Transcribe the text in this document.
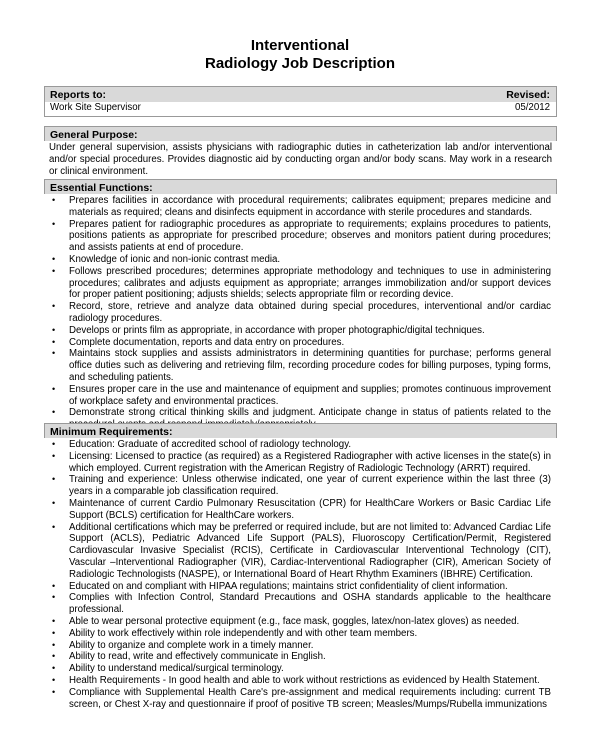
Interventional
Radiology Job Description
Reports to:	Revised:
Work Site Supervisor	05/2012
General Purpose:
Under general supervision, assists physicians with radiographic duties in catheterization lab and/or interventional and/or special procedures. Provides diagnostic aid by conducting organ and/or body scans. May work in a research or clinical environment.
Essential Functions:
• Prepares facilities in accordance with procedural requirements; calibrates equipment; prepares medicine and materials as required; cleans and disinfects equipment in accordance with sterile procedures and standards.
• Prepares patient for radiographic procedures as appropriate to requirements; explains procedures to patients, positions patients as appropriate for prescribed procedure; observes and monitors patient during procedures; and assists patients at end of procedure.
• Knowledge of ionic and non-ionic contrast media.
• Follows prescribed procedures; determines appropriate methodology and techniques to use in administering procedures; calibrates and adjusts equipment as appropriate; arranges immobilization and/or support devices for proper patient positioning; adjusts shields; selects appropriate film or recording device.
• Record, store, retrieve and analyze data obtained during special procedures, interventional and/or cardiac radiology procedures.
• Develops or prints film as appropriate, in accordance with proper photographic/digital techniques.
• Complete documentation, reports and data entry on procedures.
• Maintains stock supplies and assists administrators in determining quantities for purchase; performs general office duties such as delivering and retrieving film, recording procedure codes for billing purposes, typing forms, and scheduling patients.
• Ensures proper care in the use and maintenance of equipment and supplies; promotes continuous improvement of workplace safety and environmental practices.
• Demonstrate strong critical thinking skills and judgment. Anticipate change in status of patients related to the
Minimum Requirements:
• Education: Graduate of accredited school of radiology technology.
• Licensing: Licensed to practice (as required) as a Registered Radiographer with active licenses in the state(s) in which employed. Current registration with the American Registry of Radiologic Technology (ARRT) required.
• Training and experience: Unless otherwise indicated, one year of current experience within the last three (3) years in a comparable job classification required.
• Maintenance of current Cardio Pulmonary Resuscitation (CPR) for HealthCare Workers or Basic Cardiac Life Support (BCLS) certification for HealthCare workers.
• Additional certifications which may be preferred or required include, but are not limited to: Advanced Cardiac Life Support (ACLS), Pediatric Advanced Life Support (PALS), Fluoroscopy Certification/Permit, Registered Cardiovascular Invasive Specialist (RCIS), Certificate in Cardiovascular Interventional Technology (CIT), Vascular –Interventional Radiographer (VIR), Cardiac-Interventional Radiographer (CIR), American Society of Radiologic Technologists (NASPE), or International Board of Heart Rhythm Examiners (IBHRE) Certification.
• Educated on and compliant with HIPAA regulations; maintains strict confidentiality of client information.
• Complies with Infection Control, Standard Precautions and OSHA standards applicable to the healthcare professional.
• Able to wear personal protective equipment (e.g., face mask, goggles, latex/non-latex gloves) as needed.
• Ability to work effectively within role independently and with other team members.
• Ability to organize and complete work in a timely manner.
• Ability to read, write and effectively communicate in English.
• Ability to understand medical/surgical terminology.
• Health Requirements - In good health and able to work without restrictions as evidenced by Health Statement.
• Compliance with Supplemental Health Care's pre-assignment and medical requirements including: current TB screen, or Chest X-ray and questionnaire if proof of positive TB screen; Measles/Mumps/Rubella immunizations
